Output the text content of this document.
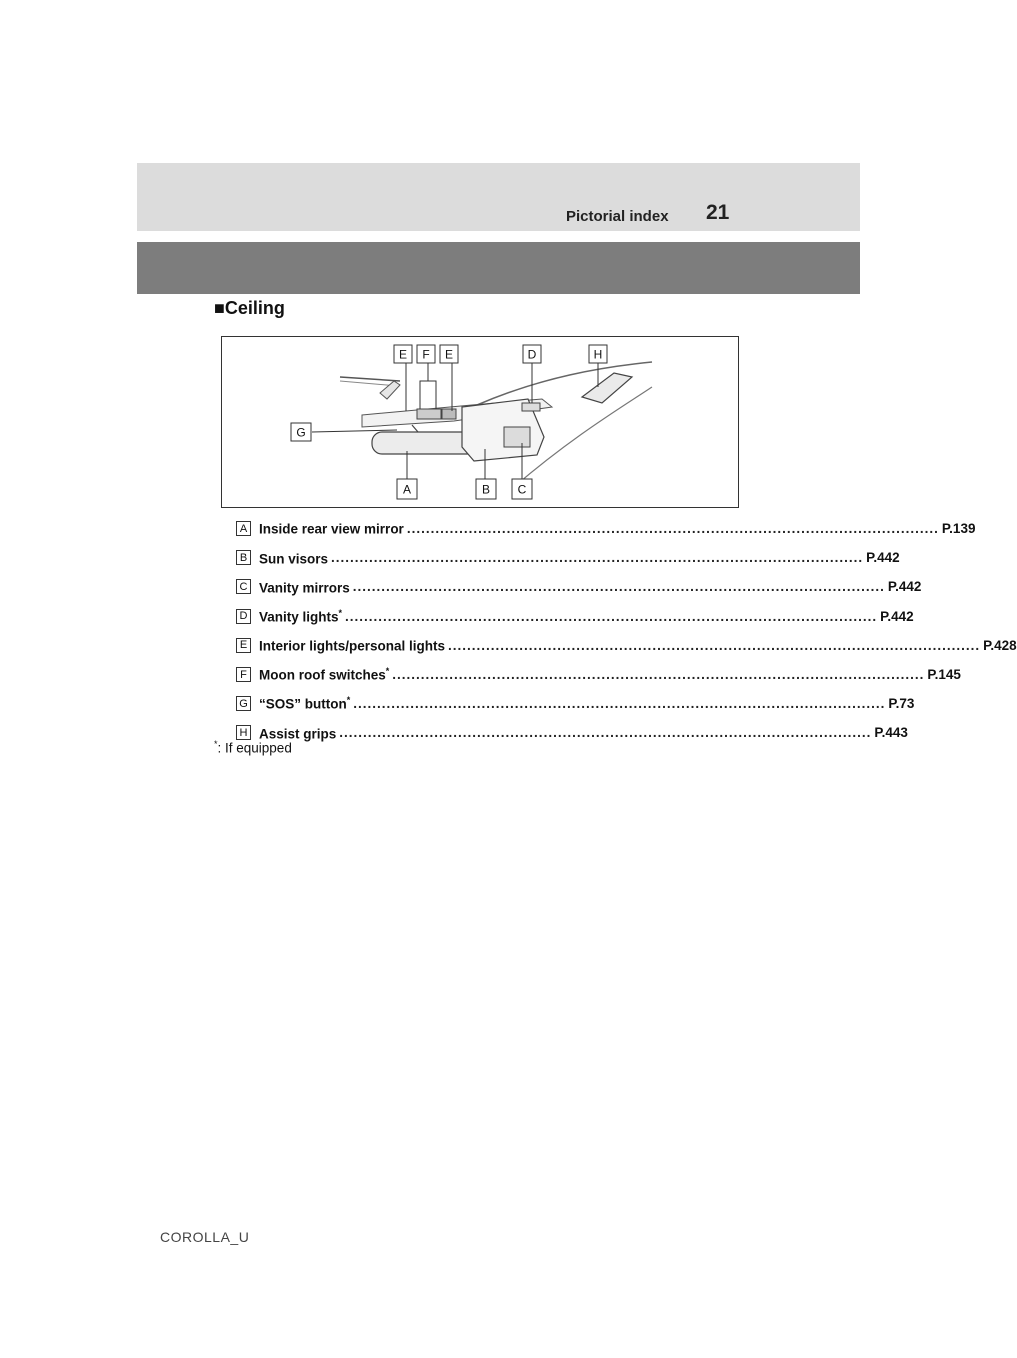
Pictorial index 21
■Ceiling
E F E	D	H
G
A	B C
A Inside rear view mirror ................................................................................................................ P.139
B Sun visors ................................................................................................................ P.442
C Vanity mirrors ................................................................................................................ P.442
D Vanity lights* ................................................................................................................ P.442
E Interior lights/personal lights ................................................................................................................ P.428
F Moon roof switches* ................................................................................................................ P.145
G “SOS” button* ................................................................................................................ P.73
H Assist grips ................................................................................................................ P.443
*: If equipped
COROLLA_U
